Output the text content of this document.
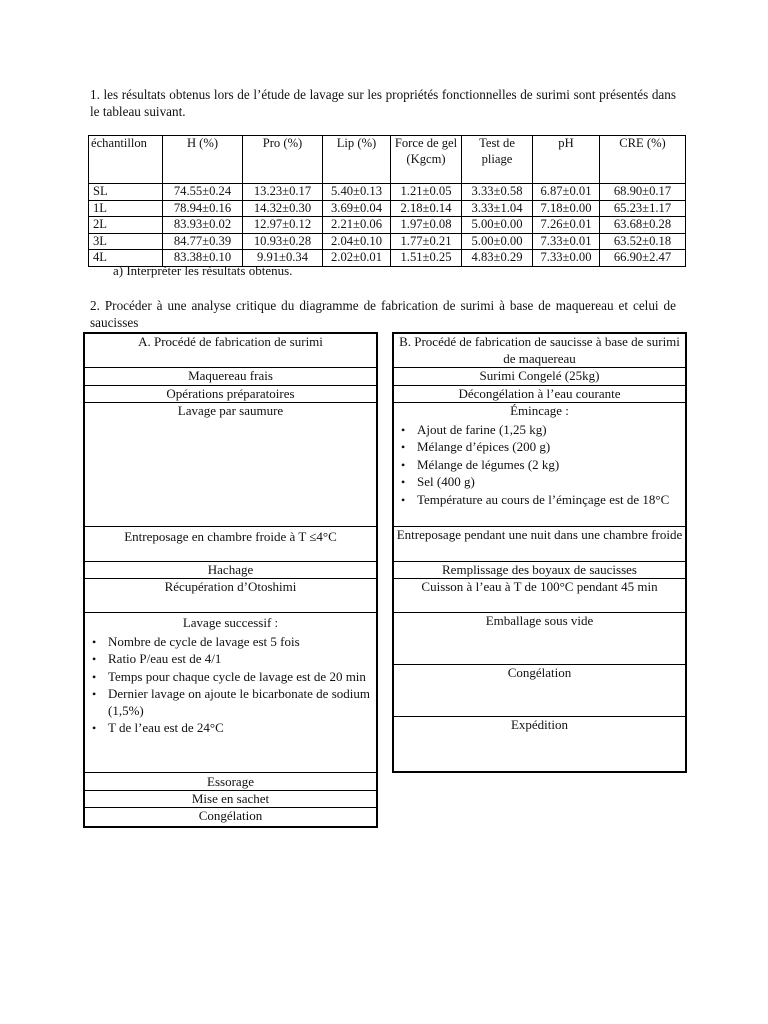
1. les résultats obtenus lors de l’étude de lavage sur les propriétés fonctionnelles de surimi sont présentés dans le tableau suivant.
échantillon	H (%)	Pro (%)	Lip (%)	Force de gel (Kgcm)	Test de pliage	pH	CRE (%)
SL	74.55±0.24	13.23±0.17	5.40±0.13	1.21±0.05	3.33±0.58	6.87±0.01	68.90±0.17
1L	78.94±0.16	14.32±0.30	3.69±0.04	2.18±0.14	3.33±1.04	7.18±0.00	65.23±1.17
2L	83.93±0.02	12.97±0.12	2.21±0.06	1.97±0.08	5.00±0.00	7.26±0.01	63.68±0.28
3L	84.77±0.39	10.93±0.28	2.04±0.10	1.77±0.21	5.00±0.00	7.33±0.01	63.52±0.18
4L	83.38±0.10	9.91±0.34	2.02±0.01	1.51±0.25	4.83±0.29	7.33±0.00	66.90±2.47
a) Interpréter les résultats obtenus.
2. Procéder à une analyse critique du diagramme de fabrication de surimi à base de maquereau et celui de saucisses
A. Procédé de fabrication de surimi
Maquereau frais
Opérations préparatoires
Lavage par saumure
Entreposage en chambre froide à T ≤4°C
Hachage
Récupération d’Otoshimi
Lavage successif :
• Nombre de cycle de lavage est 5 fois
• Ratio P/eau est de 4/1
• Temps pour chaque cycle de lavage est de 20 min
• Dernier lavage on ajoute le bicarbonate de sodium (1,5%)
• T de l’eau est de 24°C
Essorage
Mise en sachet
Congélation
B. Procédé de fabrication de saucisse à base de surimi de maquereau
Surimi Congelé (25kg)
Décongélation à l’eau courante
Émincage :
• Ajout de farine (1,25 kg)
• Mélange d’épices (200 g)
• Mélange de légumes (2 kg)
• Sel (400 g)
• Température au cours de l’éminçage est de 18°C
Entreposage pendant une nuit dans une chambre froide
Remplissage des boyaux de saucisses
Cuisson à l’eau à T de 100°C pendant 45 min
Emballage sous vide
Congélation
Expédition
